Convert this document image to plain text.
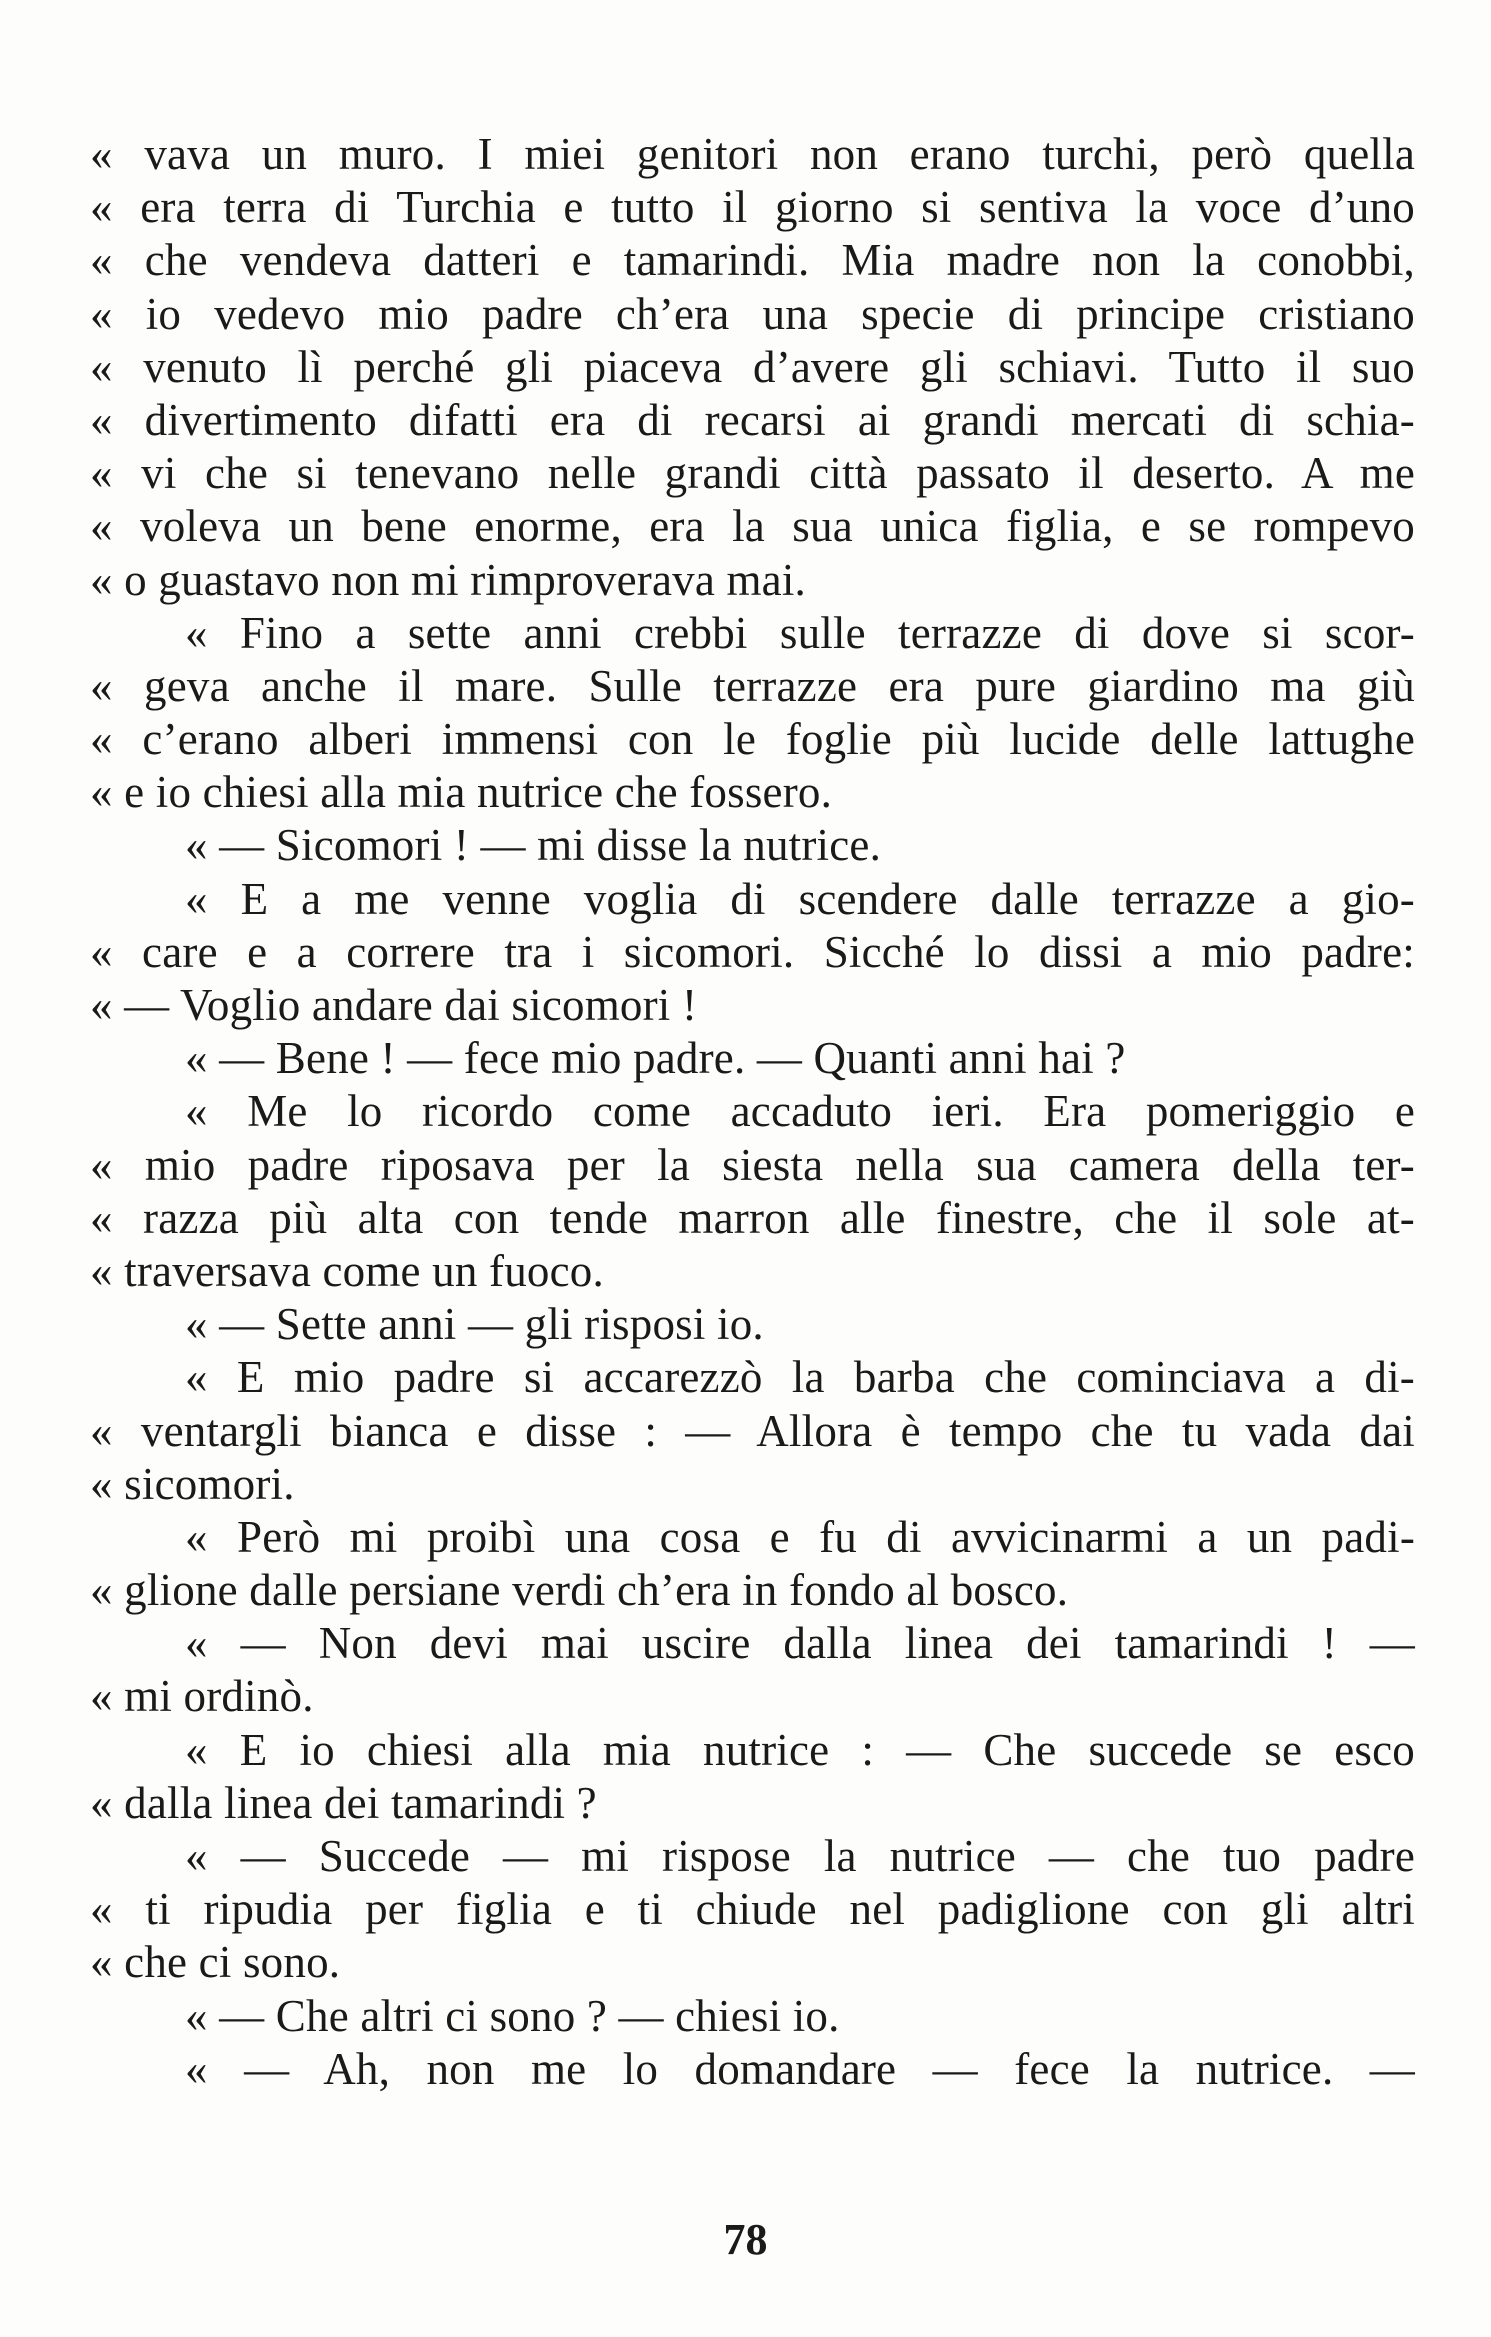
« vava un muro. I miei genitori non erano turchi, però quella
« era terra di Turchia e tutto il giorno si sentiva la voce d’uno
« che vendeva datteri e tamarindi. Mia madre non la conobbi,
« io vedevo mio padre ch’era una specie di principe cristiano
« venuto lì perché gli piaceva d’avere gli schiavi. Tutto il suo
« divertimento difatti era di recarsi ai grandi mercati di schia-
« vi che si tenevano nelle grandi città passato il deserto. A me
« voleva un bene enorme, era la sua unica figlia, e se rompevo
« o guastavo non mi rimproverava mai.
« Fino a sette anni crebbi sulle terrazze di dove si scor-
« geva anche il mare. Sulle terrazze era pure giardino ma giù
« c’erano alberi immensi con le foglie più lucide delle lattughe
« e io chiesi alla mia nutrice che fossero.
« — Sicomori ! — mi disse la nutrice.
« E a me venne voglia di scendere dalle terrazze a gio-
« care e a correre tra i sicomori. Sicché lo dissi a mio padre:
« — Voglio andare dai sicomori !
« — Bene ! — fece mio padre. — Quanti anni hai ?
« Me lo ricordo come accaduto ieri. Era pomeriggio e
« mio padre riposava per la siesta nella sua camera della ter-
« razza più alta con tende marron alle finestre, che il sole at-
« traversava come un fuoco.
« — Sette anni — gli risposi io.
« E mio padre si accarezzò la barba che cominciava a di-
« ventargli bianca e disse : — Allora è tempo che tu vada dai
« sicomori.
« Però mi proibì una cosa e fu di avvicinarmi a un padi-
« glione dalle persiane verdi ch’era in fondo al bosco.
« — Non devi mai uscire dalla linea dei tamarindi ! —
« mi ordinò.
« E io chiesi alla mia nutrice : — Che succede se esco
« dalla linea dei tamarindi ?
« — Succede — mi rispose la nutrice — che tuo padre
« ti ripudia per figlia e ti chiude nel padiglione con gli altri
« che ci sono.
« — Che altri ci sono ? — chiesi io.
« — Ah, non me lo domandare — fece la nutrice. —
78
